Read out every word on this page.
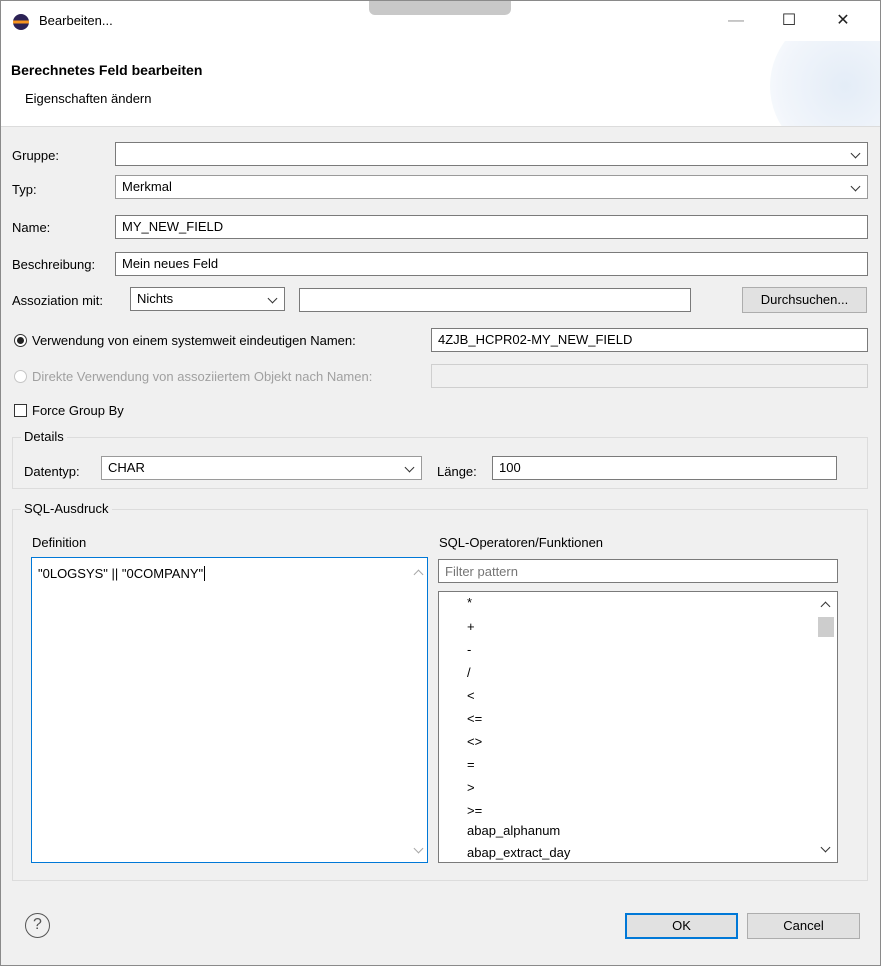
Bearbeiten...	—	☐	✕
Berechnetes Feld bearbeiten
Eigenschaften ändern
Gruppe:
Typ:	Merkmal
Name:	MY_NEW_FIELD
Beschreibung:	Mein neues Feld
Assoziation mit:	Nichts	Durchsuchen...
Verwendung von einem systemweit eindeutigen Namen:	4ZJB_HCPR02-MY_NEW_FIELD
Direkte Verwendung von assoziiertem Objekt nach Namen:
Force Group By
Details
Datentyp:	CHAR	Länge:	100
SQL-Ausdruck
Definition
"0LOGSYS" || "0COMPANY"
SQL-Operatoren/Funktionen
Filter pattern
*
+
-
/
<
<=
<>
=
>
>=
abap_alphanum
abap_extract_day
?	OK	Cancel
